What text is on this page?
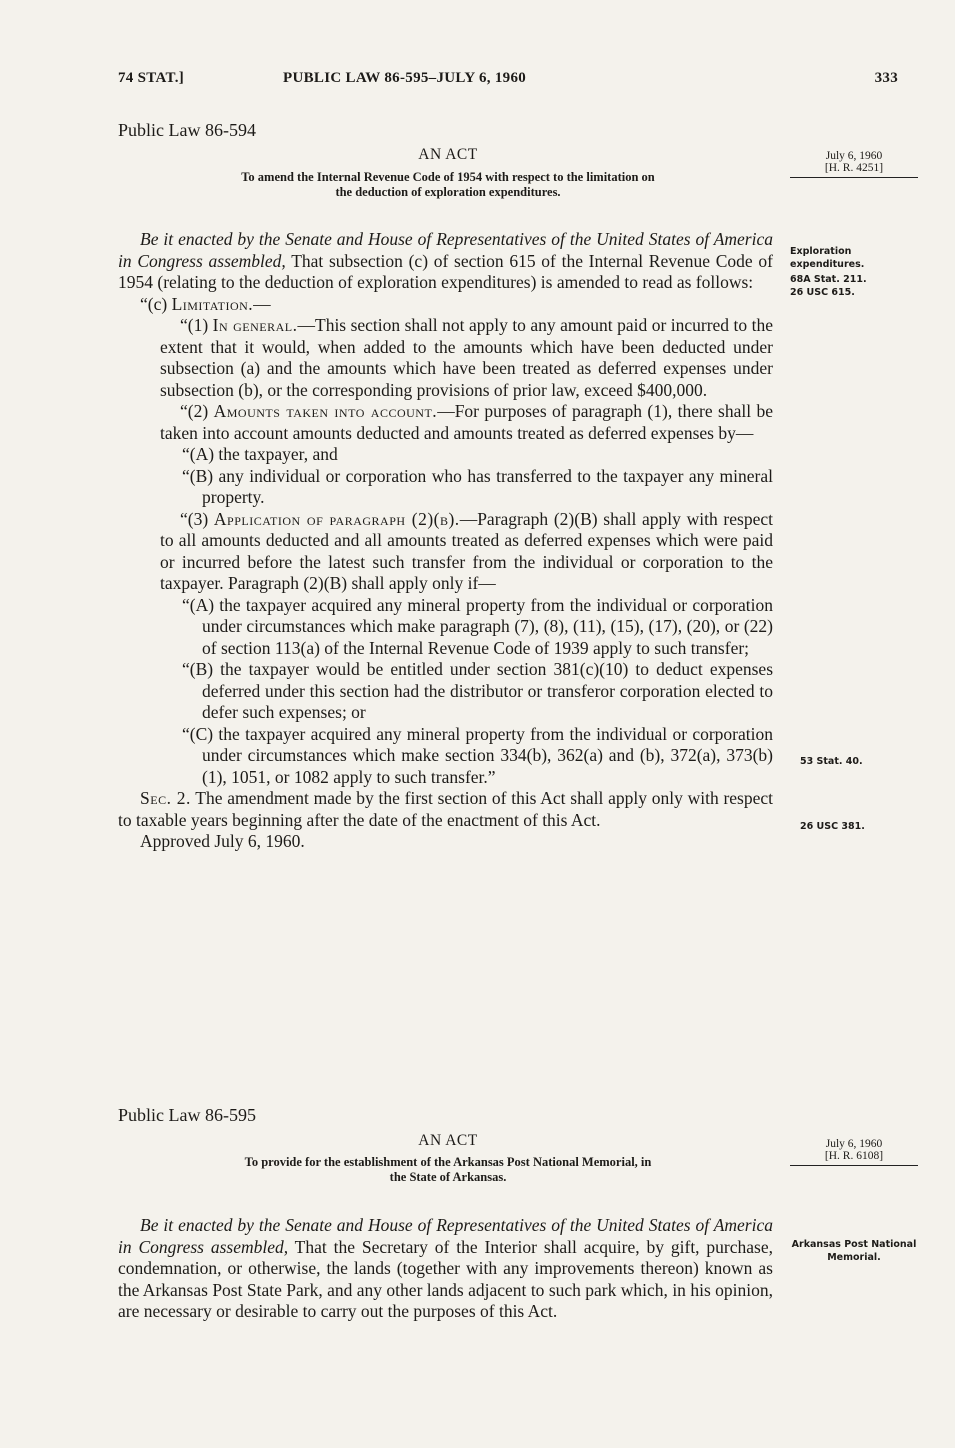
74 STAT.]	PUBLIC LAW 86-595–JULY 6, 1960	333
Public Law 86-594
AN ACT
To amend the Internal Revenue Code of 1954 with respect to the limitation on
the deduction of exploration expenditures.
July 6, 1960
[H. R. 4251]
Exploration expenditures.
68A Stat. 211.
26 USC 615.
53 Stat. 40.
26 USC 381.

Be it enacted by the Senate and House of Representatives of the United States of America in Congress assembled, That subsection (c) of section 615 of the Internal Revenue Code of 1954 (relating to the deduction of exploration expenditures) is amended to read as follows:

“(c) Limitation.—

“(1) In general.—This section shall not apply to any amount paid or incurred to the extent that it would, when added to the amounts which have been deducted under subsection (a) and the amounts which have been treated as deferred expenses under subsection (b), or the corresponding provisions of prior law, exceed $400,000.

“(2) Amounts taken into account.—For purposes of paragraph (1), there shall be taken into account amounts deducted and amounts treated as deferred expenses by—

“(A) the taxpayer, and

“(B) any individual or corporation who has transferred to the taxpayer any mineral property.

“(3) Application of paragraph (2)(b).—Paragraph (2)(B) shall apply with respect to all amounts deducted and all amounts treated as deferred expenses which were paid or incurred before the latest such transfer from the individual or corporation to the taxpayer. Paragraph (2)(B) shall apply only if—

“(A) the taxpayer acquired any mineral property from the individual or corporation under circumstances which make paragraph (7), (8), (11), (15), (17), (20), or (22) of section 113(a) of the Internal Revenue Code of 1939 apply to such transfer;

“(B) the taxpayer would be entitled under section 381(c)(10) to deduct expenses deferred under this section had the distributor or transferor corporation elected to defer such expenses; or

“(C) the taxpayer acquired any mineral property from the individual or corporation under circumstances which make section 334(b), 362(a) and (b), 372(a), 373(b)(1), 1051, or 1082 apply to such transfer.”

Sec. 2. The amendment made by the first section of this Act shall apply only with respect to taxable years beginning after the date of the enactment of this Act.

Approved July 6, 1960.

Public Law 86-595
AN ACT
To provide for the establishment of the Arkansas Post National Memorial, in
the State of Arkansas.
July 6, 1960
[H. R. 6108]
Arkansas Post National Memorial.

Be it enacted by the Senate and House of Representatives of the United States of America in Congress assembled, That the Secretary of the Interior shall acquire, by gift, purchase, condemnation, or otherwise, the lands (together with any improvements thereon) known as the Arkansas Post State Park, and any other lands adjacent to such park which, in his opinion, are necessary or desirable to carry out the purposes of this Act.
